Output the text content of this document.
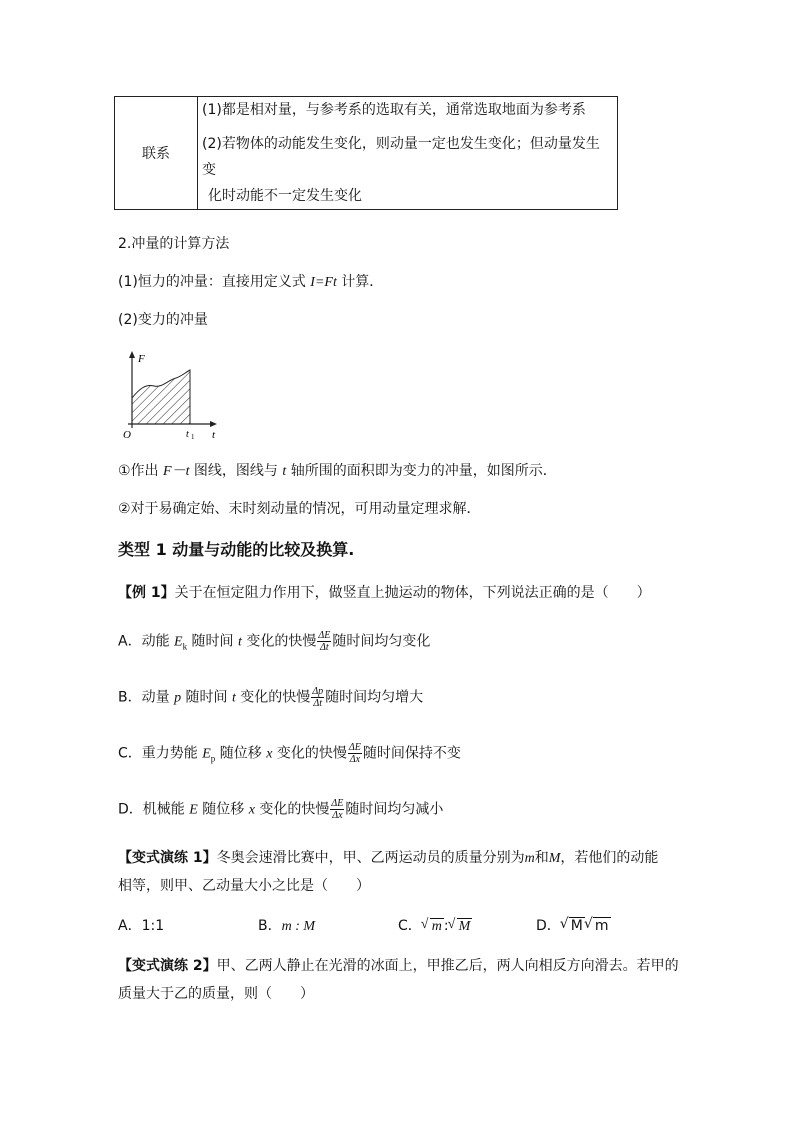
联系	
(1)都是相对量，与参考系的选取有关，通常选取地面为参考系
(2)若物体的动能发生变化，则动量一定也发生变化；但动量发生变
化时动能不一定发生变化
2.冲量的计算方法
(1)恒力的冲量：直接用定义式 I=Ft 计算．
(2)变力的冲量
F
t
O	t 1
①作出 F－t 图线，图线与 t 轴所围的面积即为变力的冲量，如图所示．
②对于易确定始、末时刻动量的情况，可用动量定理求解．
类型 1 动量与动能的比较及换算.
【例 1】关于在恒定阻力作用下，做竖直上抛运动的物体，下列说法正确的是（　　）
A．动能 $E_k$ 随时间 t 变化的快慢 $\frac{\Delta E}{\Delta t}$ 随时间均匀变化
B．动量 p 随时间 t 变化的快慢 $\frac{\Delta p}{\Delta t}$ 随时间均匀增大
C．重力势能 $E_p$ 随位移 x 变化的快慢 $\frac{\Delta E}{\Delta x}$ 随时间保持不变
D．机械能 E 随位移 x 变化的快慢 $\frac{\Delta E}{\Delta x}$ 随时间均匀减小
【变式演练 1】冬奥会速滑比赛中，甲、乙两运动员的质量分别为m和M，若他们的动能
相等，则甲、乙动量大小之比是（　　）
A．1:1	B．m : M	C． √ m : √ M	D． √ M √ m
【变式演练 2】甲、乙两人静止在光滑的冰面上，甲推乙后，两人向相反方向滑去。若甲的
质量大于乙的质量，则（　　）
